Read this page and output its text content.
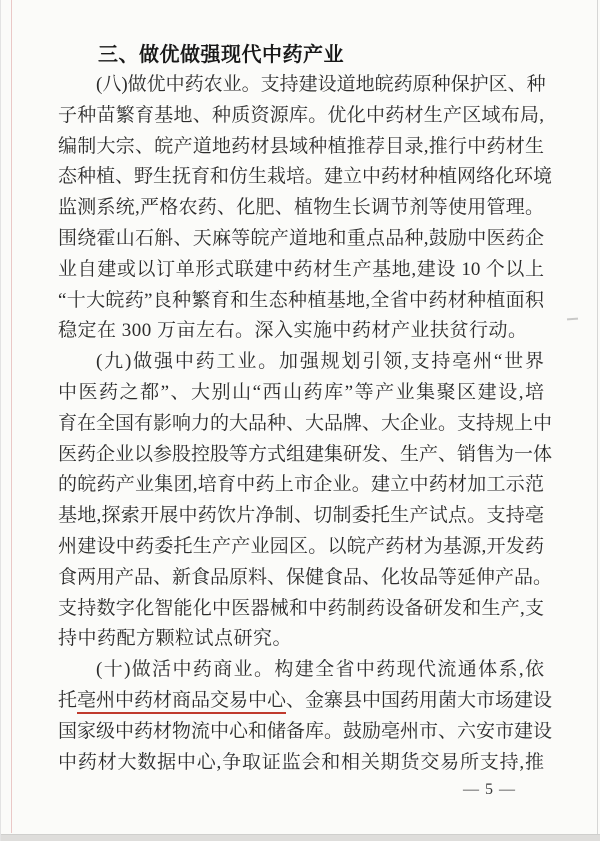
三、做优做强现代中药产业
(八)做优中药农业。支持建设道地皖药原种保护区、种
子种苗繁育基地、种质资源库。优化中药材生产区域布局,
编制大宗、皖产道地药材县域种植推荐目录,推行中药材生
态种植、野生抚育和仿生栽培。建立中药材种植网络化环境
监测系统,严格农药、化肥、植物生长调节剂等使用管理。
围绕霍山石斛、天麻等皖产道地和重点品种,鼓励中医药企
业自建或以订单形式联建中药材生产基地,建设 10 个以上
“十大皖药”良种繁育和生态种植基地,全省中药材种植面积
稳定在 300 万亩左右。深入实施中药材产业扶贫行动。
(九)做强中药工业。加强规划引领,支持亳州“世界
中医药之都”、大别山“西山药库”等产业集聚区建设,培
育在全国有影响力的大品种、大品牌、大企业。支持规上中
医药企业以参股控股等方式组建集研发、生产、销售为一体
的皖药产业集团,培育中药上市企业。建立中药材加工示范
基地,探索开展中药饮片净制、切制委托生产试点。支持亳
州建设中药委托生产产业园区。以皖产药材为基源,开发药
食两用产品、新食品原料、保健食品、化妆品等延伸产品。
支持数字化智能化中医器械和中药制药设备研发和生产,支
持中药配方颗粒试点研究。
(十)做活中药商业。构建全省中药现代流通体系,依
托亳州中药材商品交易中心、金寨县中国药用菌大市场建设
国家级中药材物流中心和储备库。鼓励亳州市、六安市建设
中药材大数据中心,争取证监会和相关期货交易所支持,推
— 5 —
